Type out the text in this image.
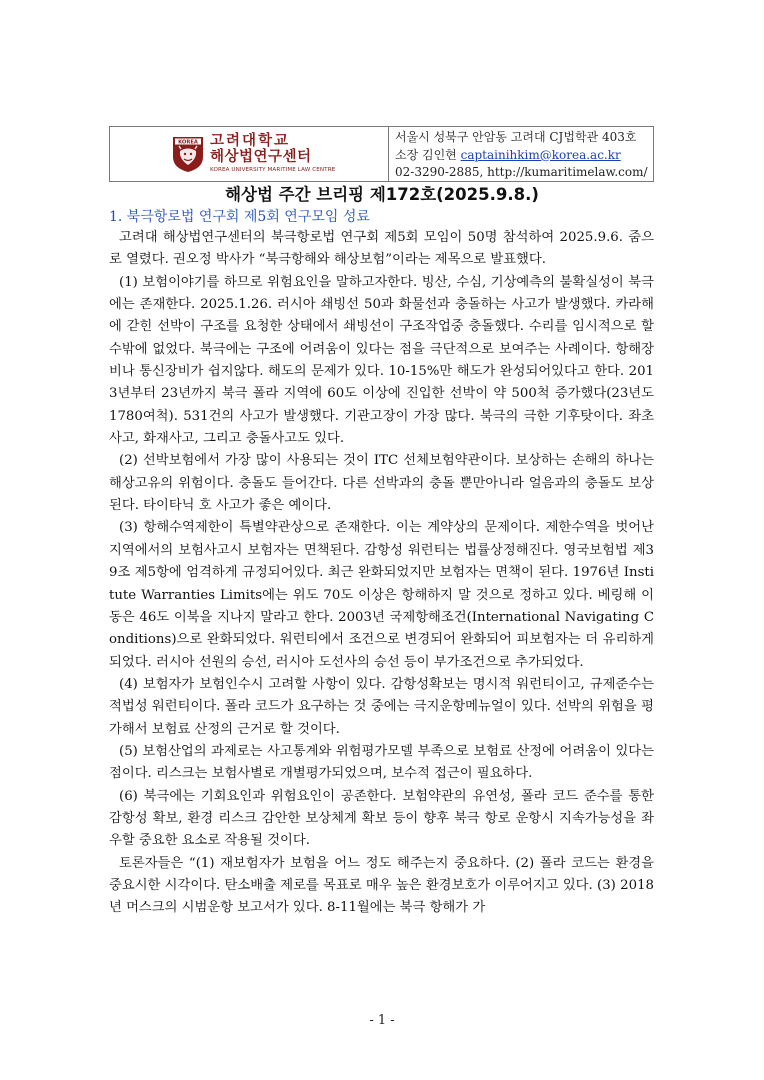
KOREA 고려대학교
해상법연구센터
KOREA UNIVERSITY MARITIME LAW CENTRE
서울시 성북구 안암동 고려대 CJ법학관 403호
소장 김인현 captainihkim@korea.ac.kr
02-3290-2885, http://kumaritimelaw.com/
해상법 주간 브리핑 제172호(2025.9.8.)
1. 북극항로법 연구회 제5회 연구모임 성료

고려대 해상법연구센터의 북극항로법 연구회 제5회 모임이 50명 참석하여 2025.9.6. 줌으로 열렸다. 권오정 박사가 “북극항해와 해상보험”이라는 제목으로 발표했다.

(1) 보험이야기를 하므로 위험요인을 말하고자한다. 빙산, 수심, 기상예측의 불확실성이 북극에는 존재한다. 2025.1.26. 러시아 쇄빙선 50과 화물선과 충돌하는 사고가 발생했다. 카라해에 갇힌 선박이 구조를 요청한 상태에서 쇄빙선이 구조작업중 충돌했다. 수리를 임시적으로 할 수밖에 없었다. 북극에는 구조에 어려움이 있다는 점을 극단적으로 보여주는 사례이다. 항해장비나 통신장비가 쉽지않다. 해도의 문제가 있다. 10-15%만 해도가 완성되어있다고 한다. 2013년부터 23년까지 북극 폴라 지역에 60도 이상에 진입한 선박이 약 500척 증가했다(23년도 1780여척). 531건의 사고가 발생했다. 기관고장이 가장 많다. 북극의 극한 기후탓이다. 좌초사고, 화재사고, 그리고 충돌사고도 있다.

(2) 선박보험에서 가장 많이 사용되는 것이 ITC 선체보험약관이다. 보상하는 손해의 하나는 해상고유의 위험이다. 충돌도 들어간다. 다른 선박과의 충돌 뿐만아니라 얼음과의 충돌도 보상된다. 타이타닉 호 사고가 좋은 예이다.

(3) 항해수역제한이 특별약관상으로 존재한다. 이는 계약상의 문제이다. 제한수역을 벗어난 지역에서의 보험사고시 보험자는 면책된다. 감항성 워런티는 법률상정해진다. 영국보험법 제39조 제5항에 엄격하게 규정되어있다. 최근 완화되었지만 보험자는 면책이 된다. 1976년 Institute Warranties Limits에는 위도 70도 이상은 항해하지 말 것으로 정하고 있다. 베링해 이동은 46도 이북을 지나지 말라고 한다. 2003년 국제항해조건(International Navigating Conditions)으로 완화되었다. 워런티에서 조건으로 변경되어 완화되어 피보험자는 더 유리하게 되었다. 러시아 선원의 승선, 러시아 도선사의 승선 등이 부가조건으로 추가되었다.

(4) 보험자가 보험인수시 고려할 사항이 있다. 감항성확보는 명시적 워런티이고, 규제준수는 적법성 워런티이다. 폴라 코드가 요구하는 것 중에는 극지운항메뉴얼이 있다. 선박의 위험을 평가해서 보험료 산정의 근거로 할 것이다.

(5) 보험산업의 과제로는 사고통계와 위험평가모델 부족으로 보험료 산정에 어려움이 있다는 점이다. 리스크는 보험사별로 개별평가되었으며, 보수적 접근이 필요하다.

(6) 북극에는 기회요인과 위험요인이 공존한다. 보험약관의 유연성, 폴라 코드 준수를 통한 감항성 확보, 환경 리스크 감안한 보상체계 확보 등이 향후 북극 항로 운항시 지속가능성을 좌우할 중요한 요소로 작용될 것이다.

토론자들은 “(1) 재보험자가 보험을 어느 정도 해주는지 중요하다. (2) 폴라 코드는 환경을 중요시한 시각이다. 탄소배출 제로를 목표로 매우 높은 환경보호가 이루어지고 있다. (3) 2018년 머스크의 시범운항 보고서가 있다. 8-11월에는 북극 항해가 가

- 1 -
